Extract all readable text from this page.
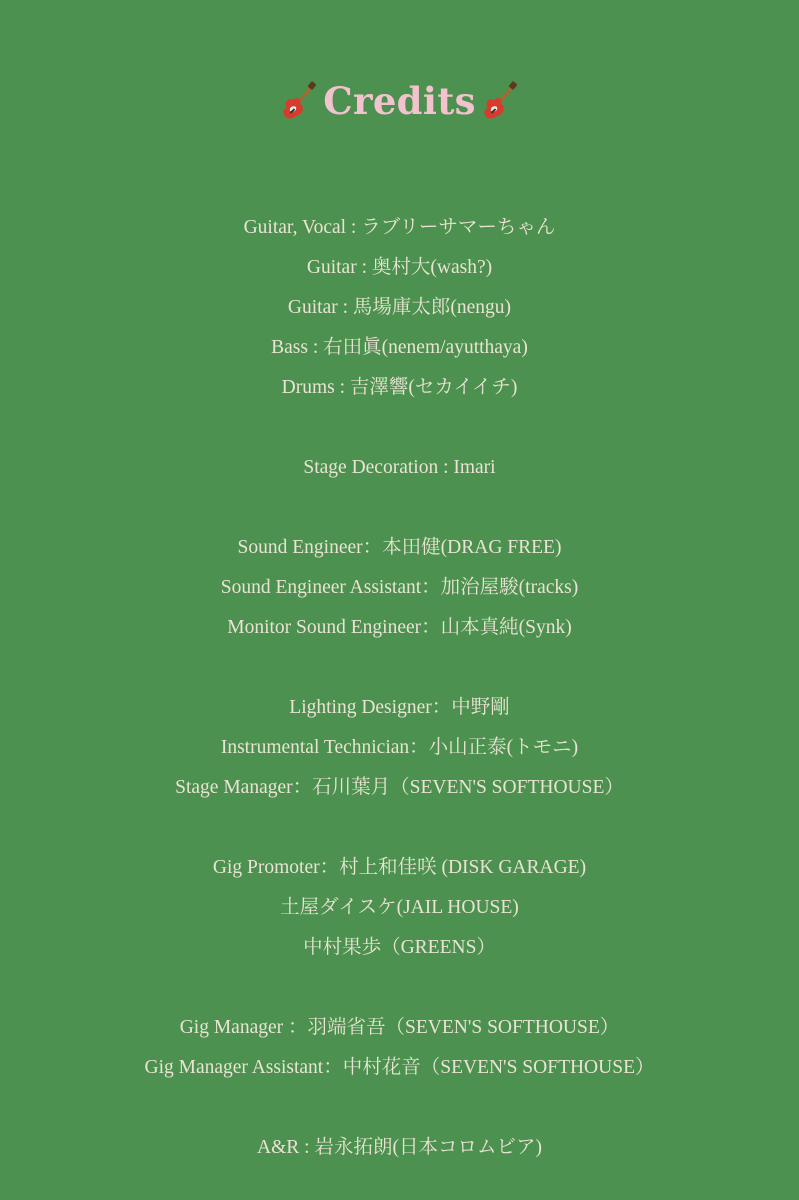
Credits
Guitar, Vocal : ラブリーサマーちゃん
Guitar : 奥村大(wash?)
Guitar : 馬場庫太郎(nengu)
Bass : 右田眞(nenem/ayutthaya)
Drums : 吉澤響(セカイイチ)
Stage Decoration : Imari
Sound Engineer：本田健(DRAG FREE)
Sound Engineer Assistant：加治屋駿(tracks)
Monitor Sound Engineer：山本真純(Synk)
Lighting Designer：中野剛
Instrumental Technician：小山正泰(トモニ)
Stage Manager：石川葉月（SEVEN'S SOFTHOUSE）
Gig Promoter：村上和佳咲 (DISK GARAGE)
土屋ダイスケ(JAIL HOUSE)
中村果歩（GREENS）
Gig Manager ：羽端省吾（SEVEN'S SOFTHOUSE）
Gig Manager Assistant：中村花音（SEVEN'S SOFTHOUSE）
A&R : 岩永拓朗(日本コロムビア)
